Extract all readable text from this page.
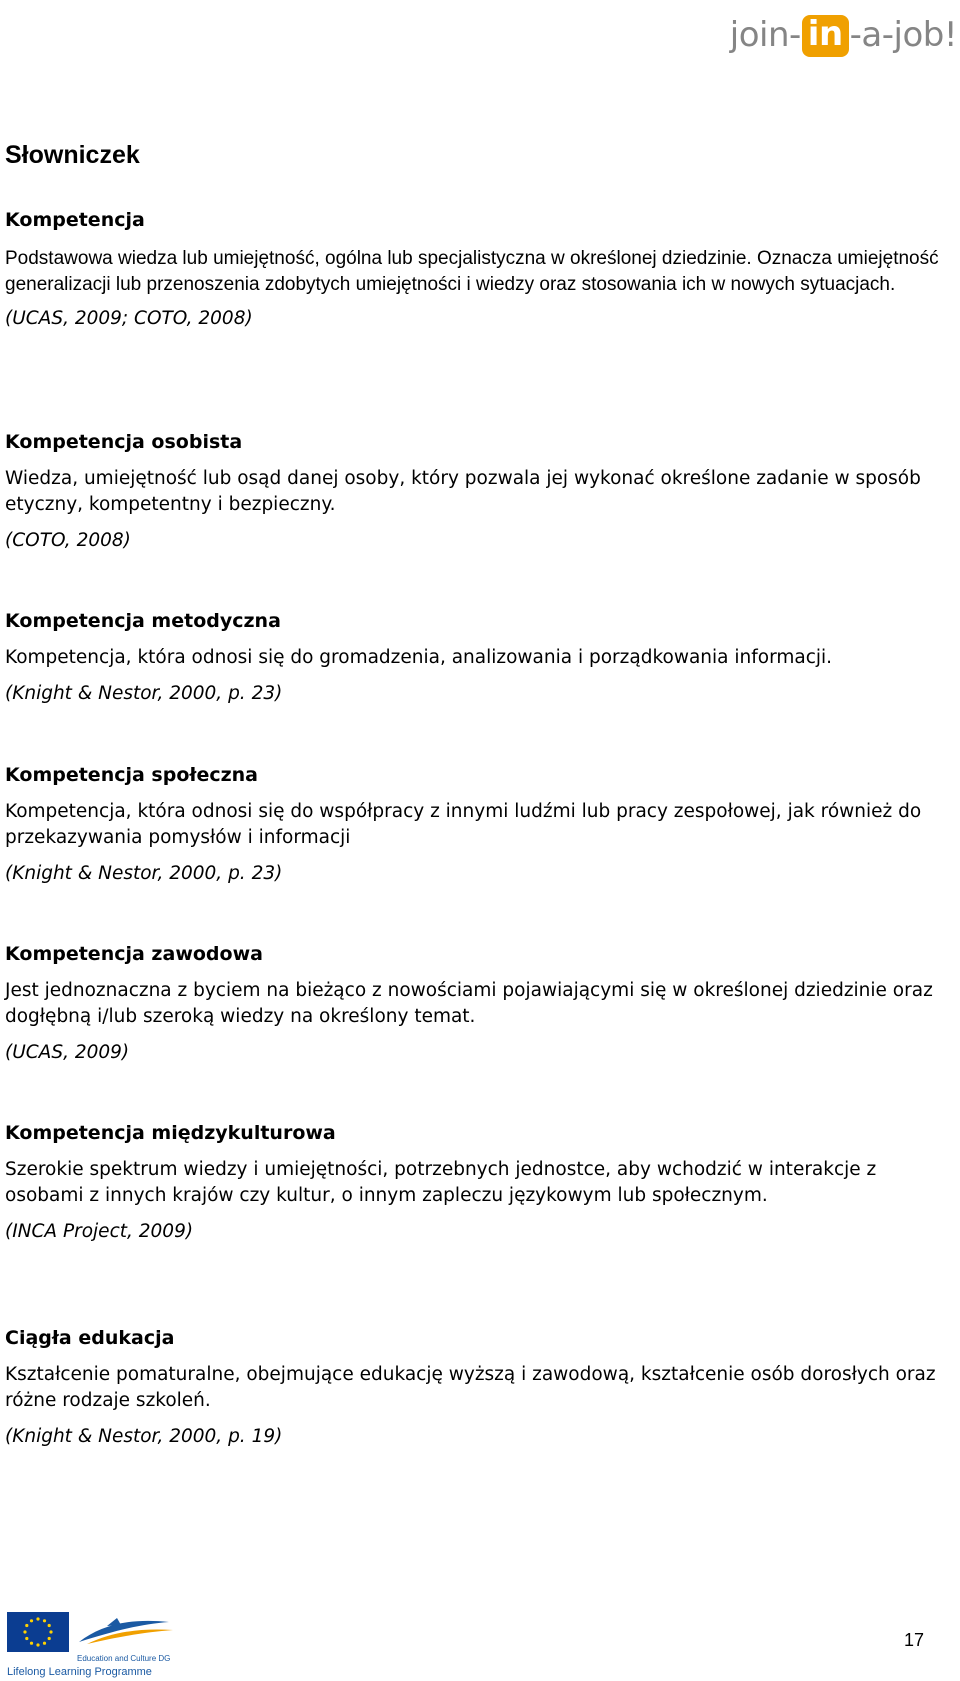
join- in -a-job!
Słowniczek

Kompetencja

Podstawowa wiedza lub umiejętność, ogólna lub specjalistyczna w określonej dziedzinie. Oznacza umiejętność generalizacji lub przenoszenia zdobytych umiejętności i wiedzy oraz stosowania ich w nowych sytuacjach.

(UCAS, 2009; COTO, 2008)

Kompetencja osobista

Wiedza, umiejętność lub osąd danej osoby, który pozwala jej wykonać określone zadanie w sposób etyczny, kompetentny i bezpieczny.

(COTO, 2008)

Kompetencja metodyczna

Kompetencja, która odnosi się do gromadzenia, analizowania i porządkowania informacji.

(Knight & Nestor, 2000, p. 23)

Kompetencja społeczna

Kompetencja, która odnosi się do współpracy z innymi ludźmi lub pracy zespołowej, jak również do przekazywania pomysłów i informacji

(Knight & Nestor, 2000, p. 23)

Kompetencja zawodowa

Jest jednoznaczna z byciem na bieżąco z nowościami pojawiającymi się w określonej dziedzinie oraz dogłębną i/lub szeroką wiedzy na określony temat.

(UCAS, 2009)

Kompetencja międzykulturowa

Szerokie spektrum wiedzy i umiejętności, potrzebnych jednostce, aby wchodzić w interakcje z osobami z innych krajów czy kultur, o innym zapleczu językowym lub społecznym.

(INCA Project, 2009)

Ciągła edukacja

Kształcenie pomaturalne, obejmujące edukację wyższą i zawodową, kształcenie osób dorosłych oraz różne rodzaje szkoleń.

(Knight & Nestor, 2000, p. 19)

Education and Culture DG
Lifelong Learning Programme
17
